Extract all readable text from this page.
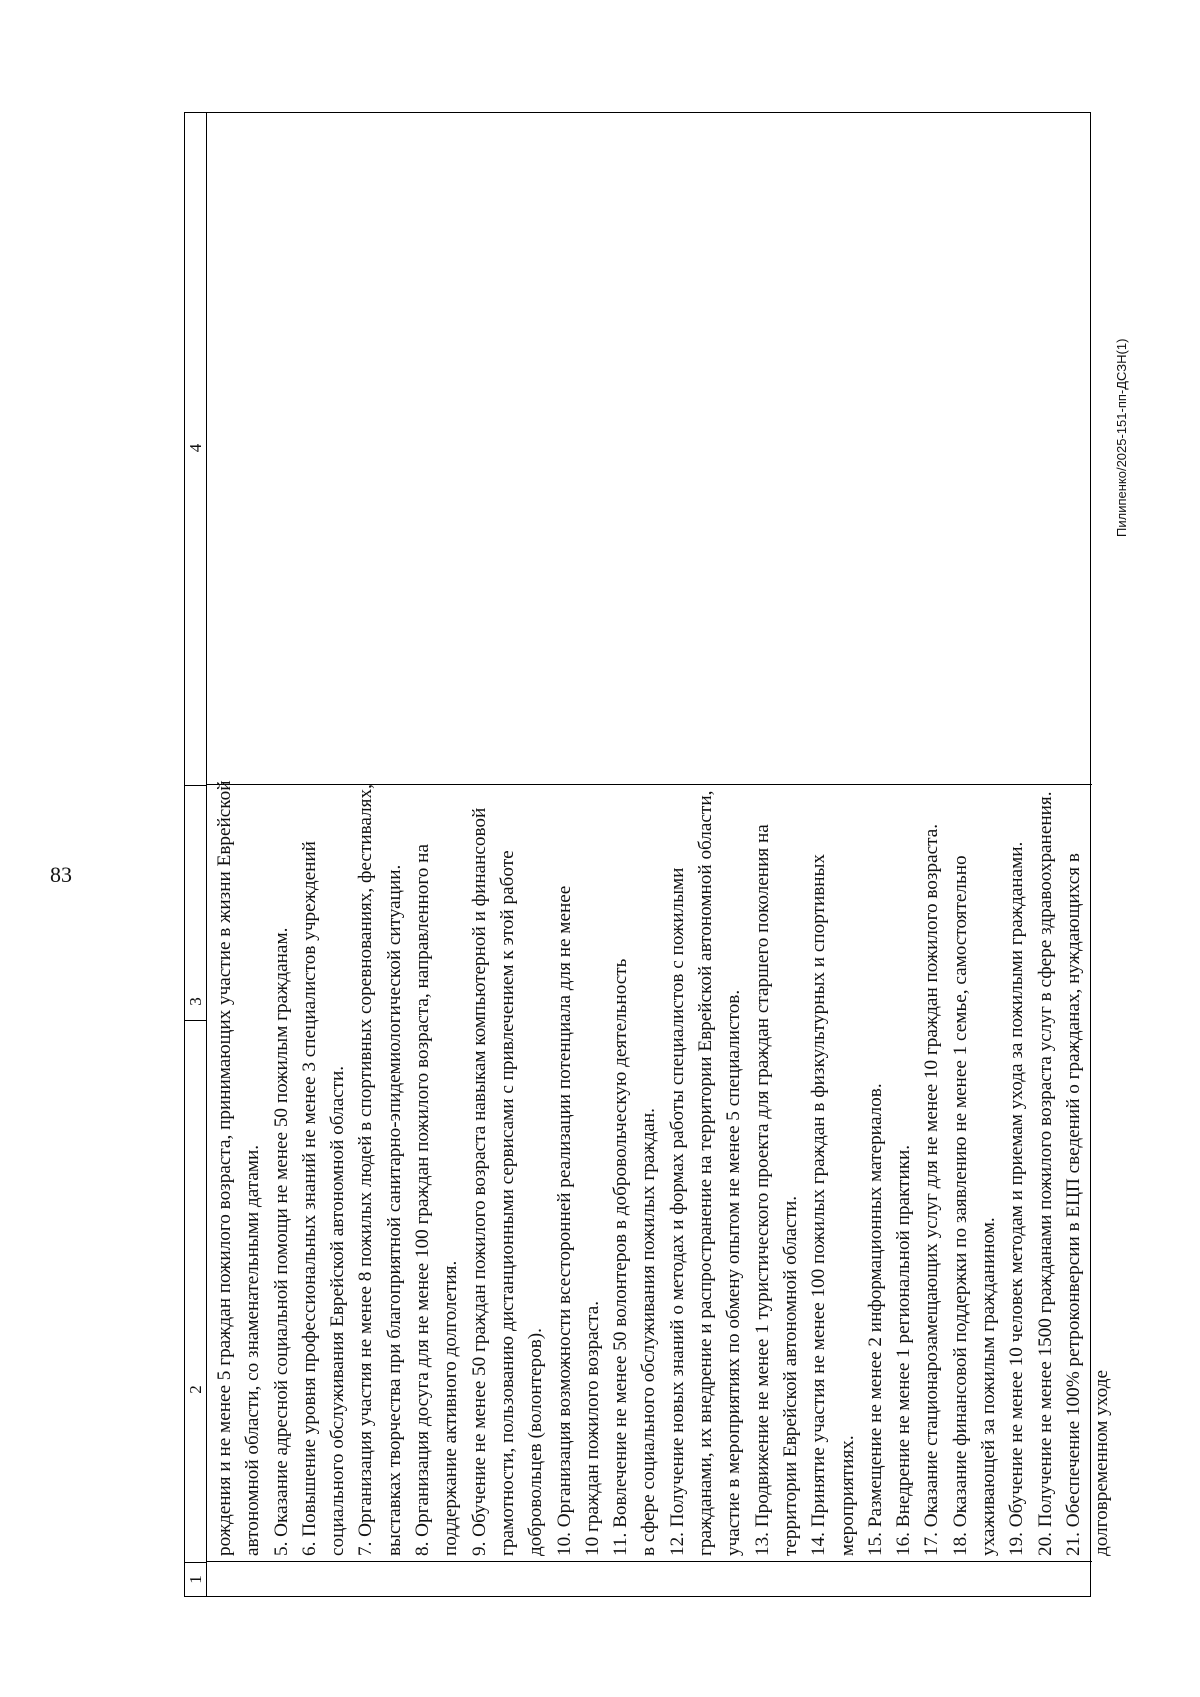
83
1
2
3
4
рождения и не менее 5 граждан пожилого возраста, принимающих участие в жизни Еврейской автономной области, со знаменательными датами. 5. Оказание адресной социальной помощи не менее 50 пожилым гражданам. 6. Повышение уровня профессиональных знаний не менее 3 специалистов учреждений социального обслуживания Еврейской автономной области. 7. Организация участия не менее 8 пожилых людей в спортивных соревнованиях, фестивалях, выставках творчества при благоприятной санитарно-эпидемиологической ситуации. 8. Организация досуга для не менее 100 граждан пожилого возраста, направленного на поддержание активного долголетия. 9. Обучение не менее 50 граждан пожилого возраста навыкам компьютерной и финансовой грамотности, пользованию дистанционными сервисами с привлечением к этой работе добровольцев (волонтеров). 10. Организация возможности всесторонней реализации потенциала для не менее 10 граждан пожилого возраста. 11. Вовлечение не менее 50 волонтеров в добровольческую деятельность в сфере социального обслуживания пожилых граждан. 12. Получение новых знаний о методах и формах работы специалистов с пожилыми гражданами, их внедрение и распространение на территории Еврейской автономной области, участие в мероприятиях по обмену опытом не менее 5 специалистов. 13. Продвижение не менее 1 туристического проекта для граждан старшего поколения на территории Еврейской автономной области. 14. Принятие участия не менее 100 пожилых граждан в физкультурных и спортивных мероприятиях. 15. Размещение не менее 2 информационных материалов. 16. Внедрение не менее 1 региональной практики. 17. Оказание стационарозамещающих услуг для не менее 10 граждан пожилого возраста. 18. Оказание финансовой поддержки по заявлению не менее 1 семье, самостоятельно ухаживающей за пожилым гражданином. 19. Обучение не менее 10 человек методам и приемам ухода за пожилыми гражданами. 20. Получение не менее 1500 гражданами пожилого возраста услуг в сфере здравоохранения. 21. Обеспечение 100% ретроконверсии в ЕЦП сведений о гражданах, нуждающихся в долговременном уходе
Пилипенко/2025-151-пп-ДСЗН(1)
